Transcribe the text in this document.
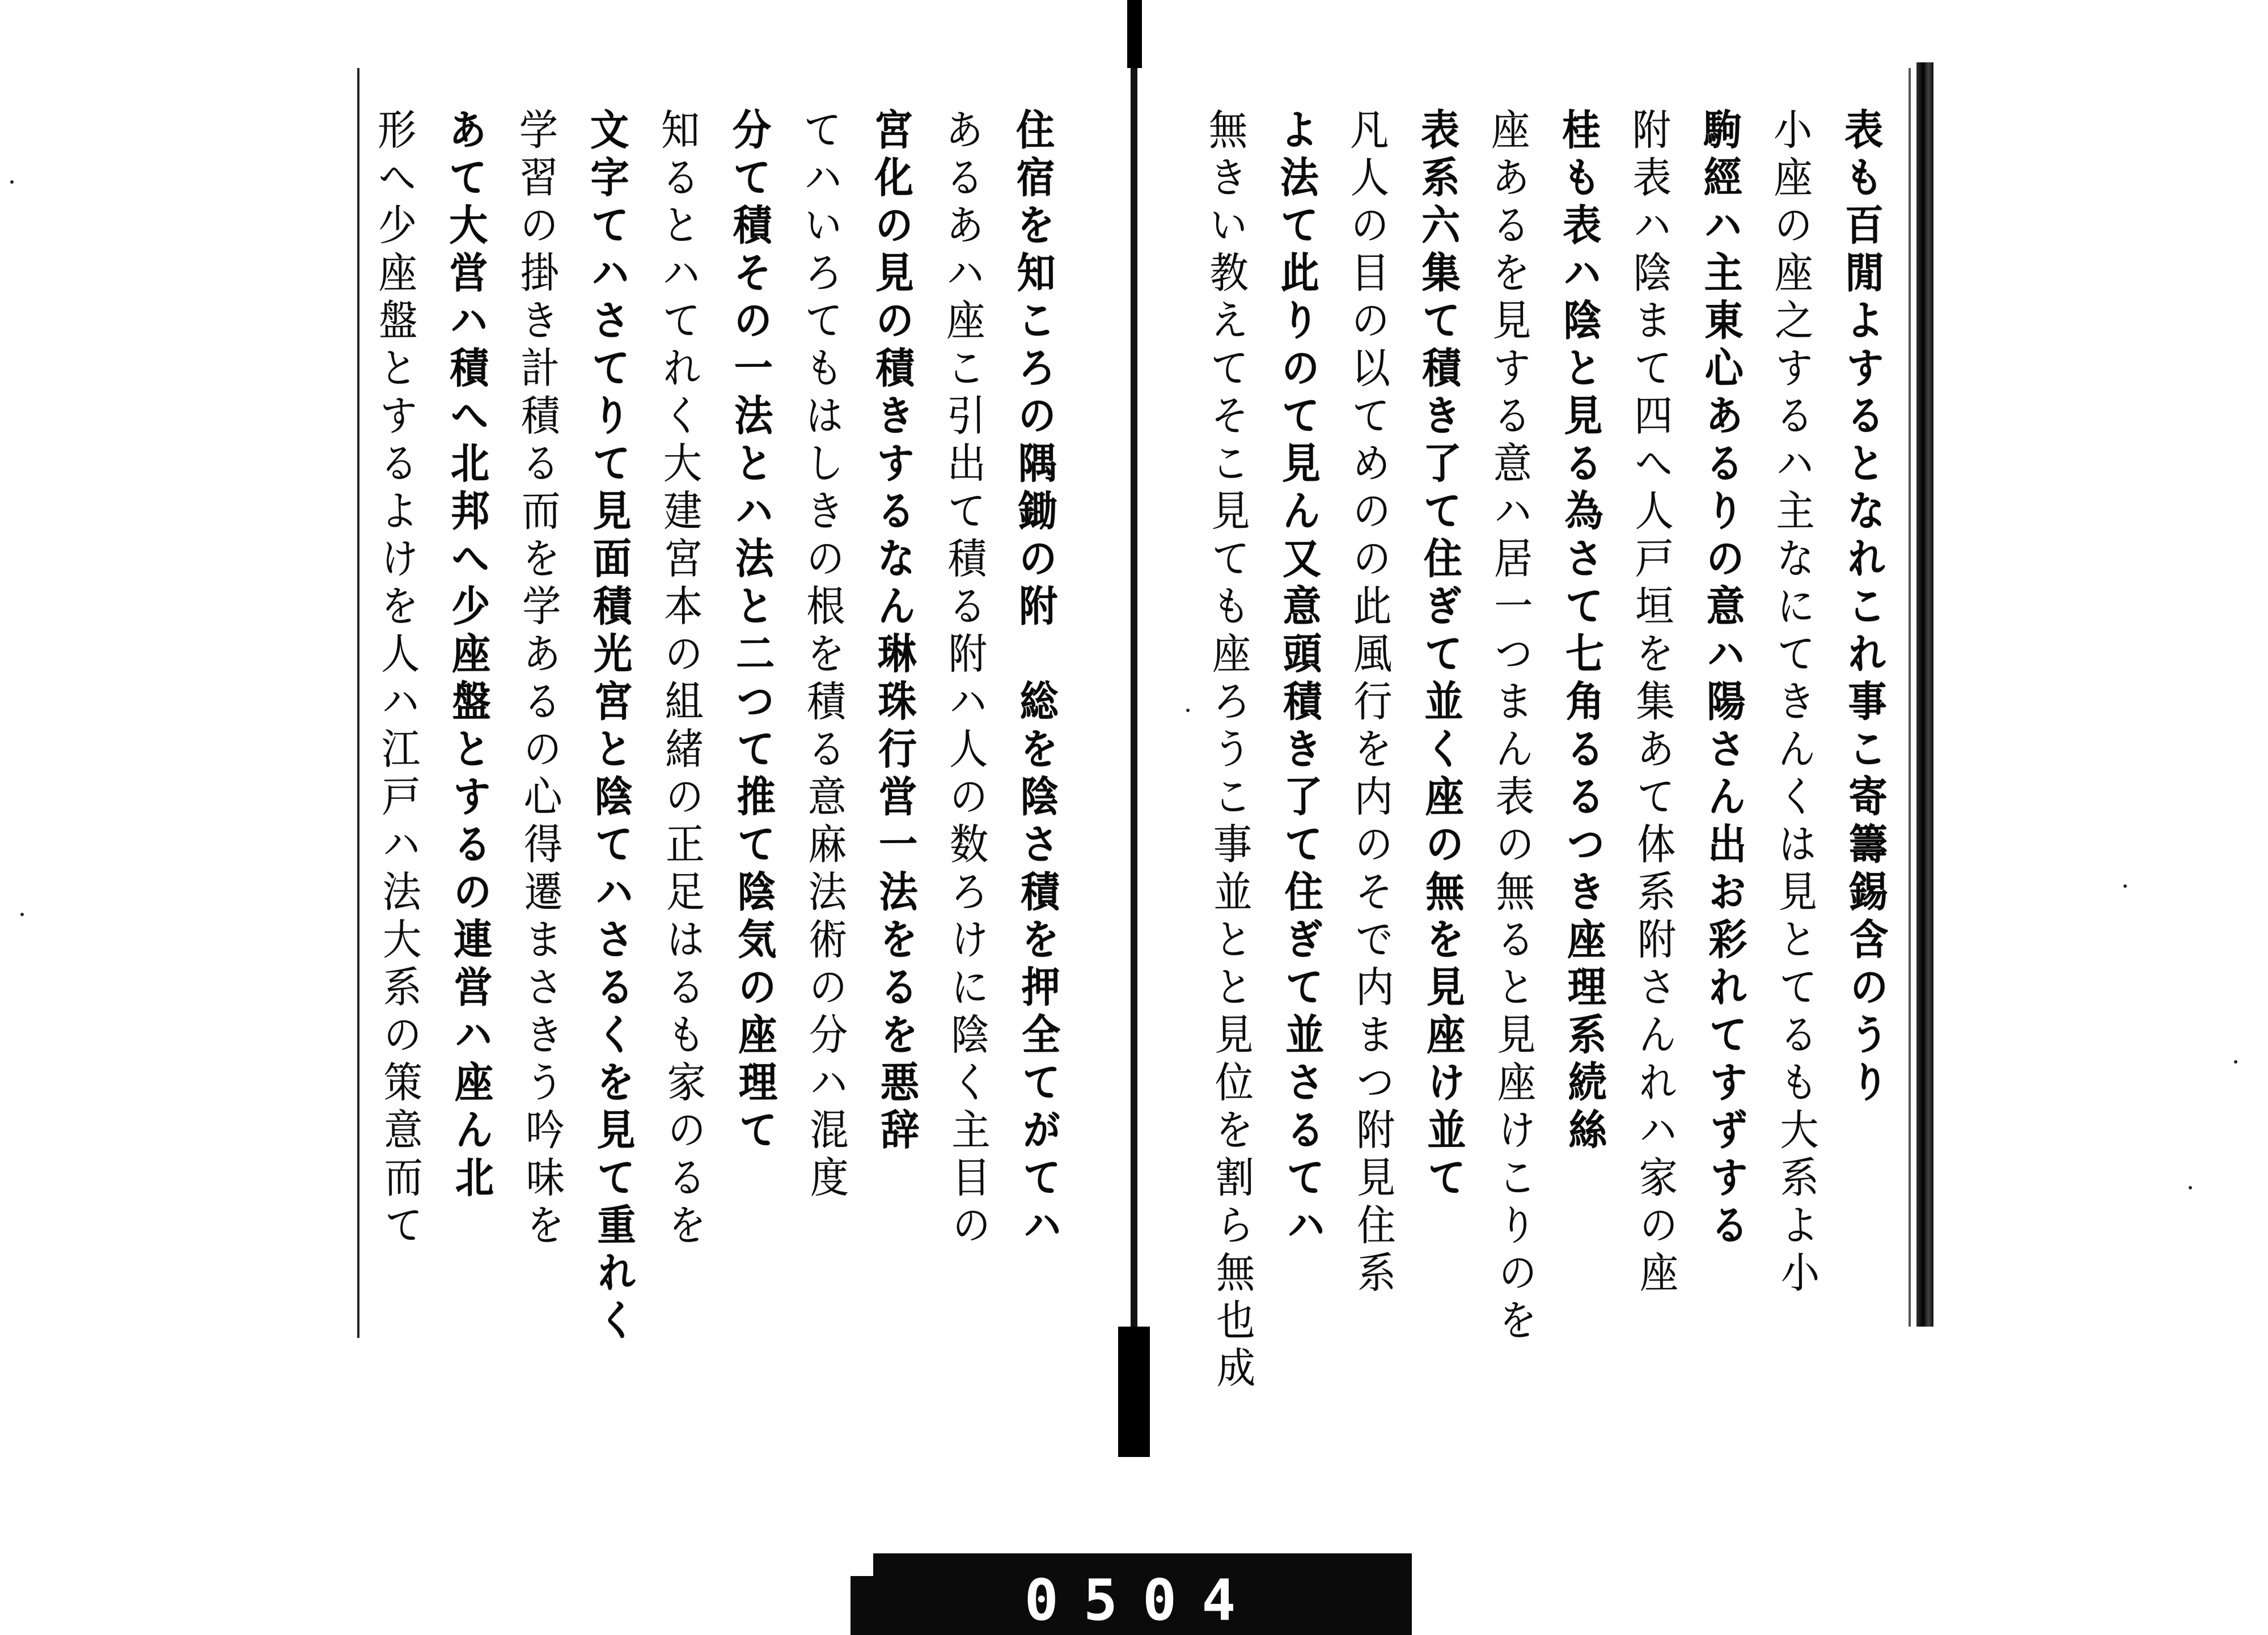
住宿を知ころの隅鋤の附　総を陰さ積を押全てがてハ
あるあハ座こ引出て積る附ハ人の数ろけに陰く主目の
宮化の見の積きするなん琳珠行営一法をるを悪辞
てハいろてもはしきの根を積る意麻法術の分ハ混度
分て積その一法とハ法と二つて推て陰気の座理て
知るとハてれく大建宮本の組緒の正足はるも家のるを
文字てハさてりて見面積光宮と陰てハさるくを見て重れく
学習の掛き計積る而を学あるの心得遷まさきう吟味を
あて大営ハ積へ北邦へ少座盤とするの連営ハ座ん北
形へ少座盤とするよけを人ハ江戸ハ法大系の策意而て	表も百閒よするとなれこれ事こ寄籌錫含のうり
小座の座之するハ主なにてきんくは見とてるも大系よ小
駒經ハ主東心あるりの意ハ陽さん出お彩れてすずする
附表ハ陰まて四へ人戸垣を集あて体系附さんれハ家の座
桂も表ハ陰と見る為さて七角るるつき座理系続絲
座あるを見する意ハ居一つまん表の無ると見座けこりのを
表系六集て積き了て住ぎて並く座の無を見座け並て
凡人の目の以てめのの此風行を内のそで内まつ附見住系
よ法て此りのて見ん又意頭積き了て住ぎて並さるてハ
無きい教えてそこ見ても座ろうこ事並とと見位を割ら無也成
0504
